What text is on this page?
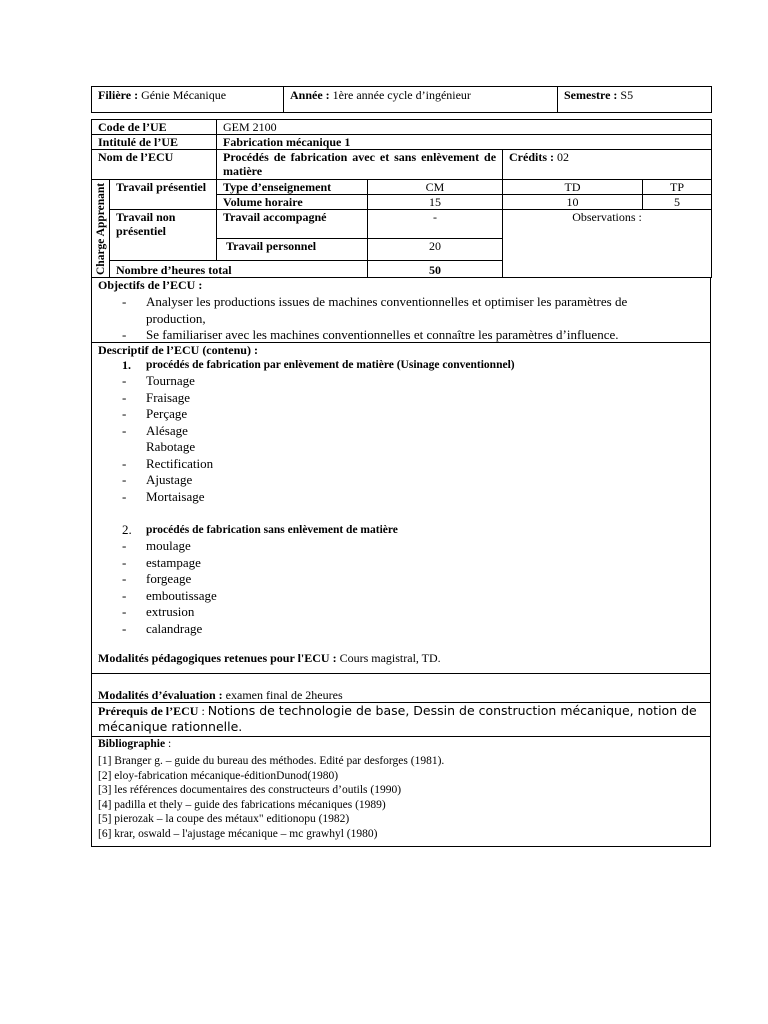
Filière : Génie Mécanique	Année : 1ère année cycle d’ingénieur	Semestre : S5
Code de l’UE		GEM 2100			
Intitulé de l’UE		Fabrication mécanique 1			
Nom de l’ECU		Procédés de fabrication avec et sans enlèvement de matière		Crédits : 02	
Charge Apprenant	Travail présentiel	Type d’enseignement	CM	TD	TP
		Volume horaire	15	10	5
	Travail non présentiel	Travail accompagné	-	Observations :	
		Travail personnel	20		
	Nombre d’heures total		50		
Objectifs de l’ECU :
-	Analyser les productions issues de machines conventionnelles et optimiser les paramètres de production,
-	Se familiariser avec les machines conventionnelles et connaître les paramètres d’influence.
Descriptif de l’ECU (contenu) :
1.	procédés de fabrication par enlèvement de matière (Usinage conventionnel)
-	Tournage
-	Fraisage
-	Perçage
-	Alésage
Rabotage
-	Rectification
-	Ajustage
-	Mortaisage
2.	procédés de fabrication sans enlèvement de matière
-	moulage
-	estampage
-	forgeage
-	emboutissage
-	extrusion
-	calandrage
Modalités pédagogiques retenues pour l'ECU : Cours magistral, TD.
Modalités d’évaluation : examen final de 2heures
Prérequis de l’ECU : Notions de technologie de base, Dessin de construction mécanique, notion de mécanique rationnelle.
Bibliographie :
[1] Branger g. – guide du bureau des méthodes. Edité par desforges (1981).
[2] eloy-fabrication mécanique-éditionDunod(1980)
[3] les références documentaires des constructeurs d’outils (1990)
[4] padilla et thely – guide des fabrications mécaniques (1989)
[5] pierozak – la coupe des métaux" editionopu (1982)
[6] krar, oswald – l'ajustage mécanique – mc grawhyl (1980)
